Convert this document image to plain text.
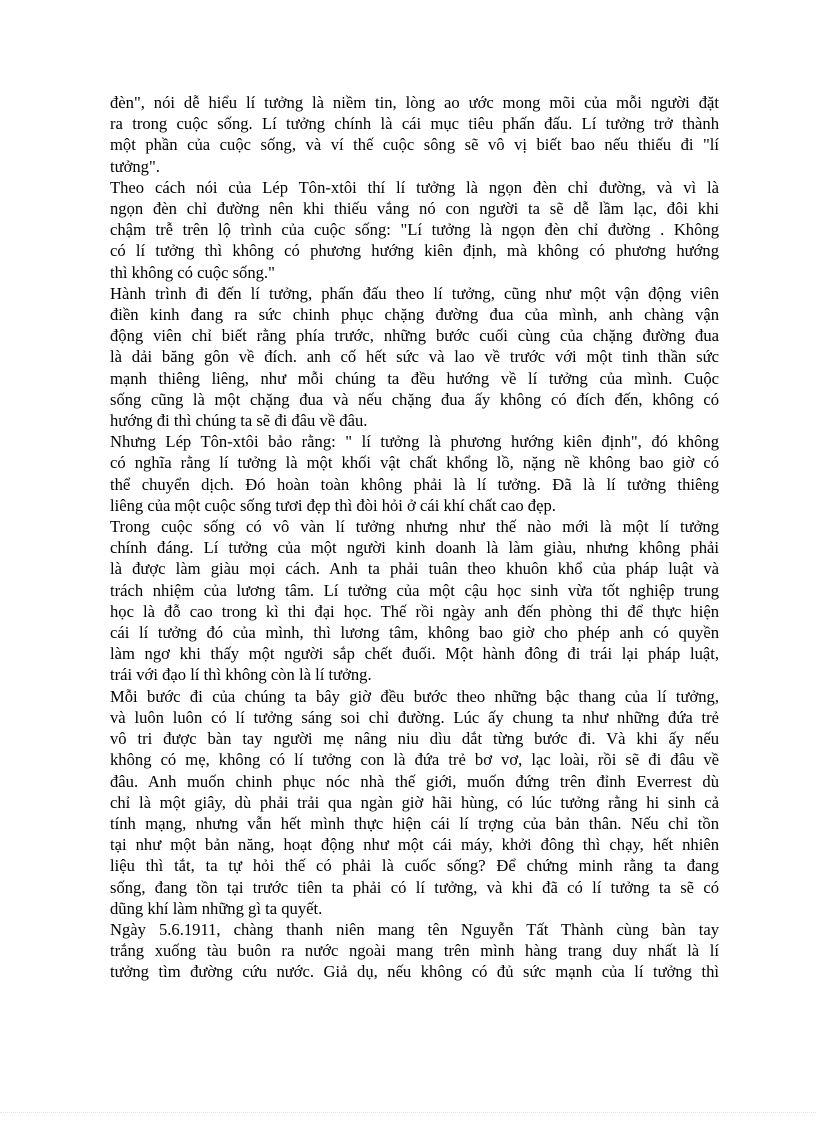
đèn", nói dễ hiểu lí tưởng là niềm tin, lòng ao ước mong mõi của mỗi người đặt
ra trong cuộc sống. Lí tưởng chính là cái mục tiêu phấn đấu. Lí tưởng trở thành
một phần của cuộc sống, và ví thế cuộc sông sẽ vô vị biết bao nếu thiếu đi "lí
tưởng".
Theo cách nói của Lép Tôn-xtôi thí lí tưởng là ngọn đèn chỉ đường, và vì là
ngọn đèn chỉ đường nên khi thiếu vắng nó con người ta sẽ dễ lầm lạc, đôi khi
chậm trễ trên lộ trình của cuộc sống: "Lí tưởng là ngọn đèn chỉ đường . Không
có lí tưởng thì không có phương hướng kiên định, mà không có phương hướng
thì không có cuộc sống."
Hành trình đi đến lí tưởng, phấn đấu theo lí tưởng, cũng như một vận động viên
điền kinh đang ra sức chinh phục chặng đường đua của mình, anh chàng vận
động viên chỉ biết rằng phía trước, những bước cuối cùng của chặng đường đua
là dải băng gôn về đích. anh cố hết sức và lao về trước với một tinh thần sức
mạnh thiêng liêng, như mỗi chúng ta đều hướng về lí tưởng của mình. Cuộc
sống cũng là một chặng đua và nếu chặng đua ấy không có đích đến, không có
hướng đi thì chúng ta sẽ đi đâu về đâu.
Nhưng Lép Tôn-xtôi bảo rằng: " lí tưởng là phương hướng kiên định", đó không
có nghĩa rằng lí tưởng là một khối vật chất khổng lồ, nặng nề không bao giờ có
thể chuyển dịch. Đó hoàn toàn không phải là lí tưởng. Đã là lí tưởng thiêng
liêng của một cuộc sống tươi đẹp thì đòi hỏi ở cái khí chất cao đẹp.
Trong cuộc sống có vô vàn lí tưởng nhưng như thế nào mới là một lí tưởng
chính đáng. Lí tưởng của một người kinh doanh là làm giàu, nhưng không phải
là được làm giàu mọi cách. Anh ta phải tuân theo khuôn khổ của pháp luật và
trách nhiệm của lương tâm. Lí tưởng của một cậu học sinh vừa tốt nghiệp trung
học là đỗ cao trong kì thi đại học. Thế rồi ngày anh đến phòng thi để thực hiện
cái lí tưởng đó của mình, thì lương tâm, không bao giờ cho phép anh có quyền
làm ngơ khi thấy một người sắp chết đuối. Một hành đông đi trái lại pháp luật,
trái với đạo lí thì không còn là lí tưởng.
Mỗi bước đi của chúng ta bây giờ đều bước theo những bậc thang của lí tưởng,
và luôn luôn có lí tưởng sáng soi chỉ đường. Lúc ấy chung ta như những đứa trẻ
vô tri được bàn tay người mẹ nâng niu dìu dắt từng bước đi. Và khi ấy nếu
không có mẹ, không có lí tưởng con là đứa trẻ bơ vơ, lạc loài, rồi sẽ đi đâu về
đâu. Anh muốn chinh phục nóc nhà thế giới, muốn đứng trên đỉnh Everrest dù
chỉ là một giây, dù phải trải qua ngàn giờ hãi hùng, có lúc tưởng rằng hi sinh cả
tính mạng, nhưng vẫn hết mình thực hiện cái lí trợng của bản thân. Nếu chỉ tồn
tại như một bản năng, hoạt động như một cái máy, khởi đông thì chạy, hết nhiên
liệu thì tắt, ta tự hỏi thế có phải là cuốc sống? Để chứng minh rằng ta đang
sống, đang tồn tại trước tiên ta phải có lí tưởng, và khi đã có lí tưởng ta sẽ có
dũng khí làm những gì ta quyết.
Ngày 5.6.1911, chàng thanh niên mang tên Nguyễn Tất Thành cùng bàn tay
trắng xuống tàu buôn ra nước ngoài mang trên mình hàng trang duy nhất là lí
tưởng tìm đường cứu nước. Giả dụ, nếu không có đủ sức mạnh của lí tưởng thì
